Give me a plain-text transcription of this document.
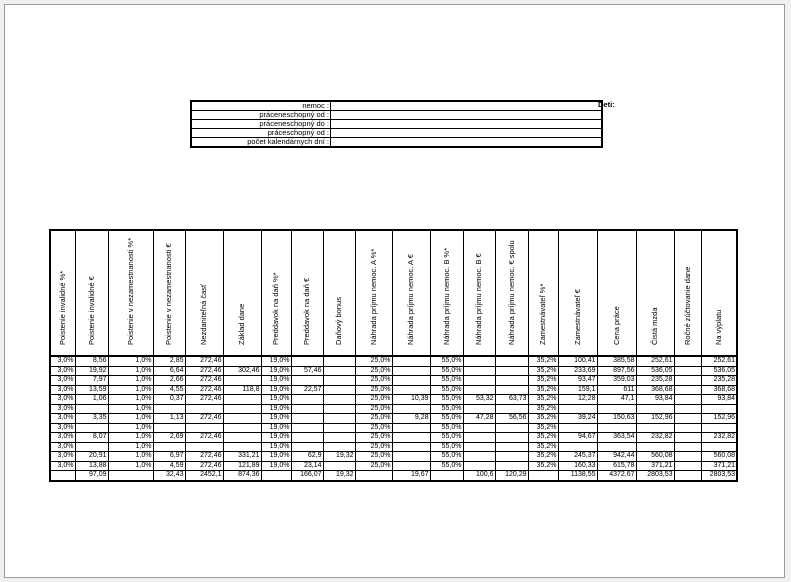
nemoc :	
práceneschopný od :	
práceneschopný do :	
práceschopný od :	
počet kalendárnych dní :	
Deti:
Poistenie invalidné %*	Poistenie invalidné €	Poistenie v nezamestnanosti %*	Poistenie v nezamestnanosti €	Nezdaniteľná časť	Základ dane	Preddavok na daň %*	Preddavok na daň €	Daňový bonus	Náhrada príjmu nemoc. A %*	Náhrada príjmu nemoc. A €	Náhrada príjmu nemoc. B %*	Náhrada príjmu nemoc. B €	Náhrada príjmu nemoc. € spolu	Zamestnávateľ %*	Zamestnávateľ €	Cena práce	Čistá mzda	Ročné zúčtovanie dane	Na výplatu

3,0%	8,56	1,0%	2,85	272,46		19,0%			25,0%		55,0%			35,2%	100,41	385,58	252,61		252,61
3,0%	19,92	1,0%	6,64	272,46	302,46	19,0%	57,46		25,0%		55,0%			35,2%	233,69	897,56	536,05		536,05
3,0%	7,97	1,0%	2,66	272,46		19,0%			25,0%		55,0%			35,2%	93,47	359,03	235,28		235,28
3,0%	13,59	1,0%	4,55	272,46	118,8	19,0%	22,57		25,0%		55,0%			35,2%	159,1	611	368,68		368,68
3,0%	1,06	1,0%	0,37	272,46		19,0%			25,0%	10,39	55,0%	53,32	63,73	35,2%	12,28	47,1	93,84		93,84
3,0%		1,0%				19,0%			25,0%		55,0%			35,2%					
3,0%	3,35	1,0%	1,13	272,46		19,0%			25,0%	9,28	55,0%	47,28	56,56	35,2%	39,24	150,63	152,96		152,96
3,0%		1,0%				19,0%			25,0%		55,0%			35,2%					
3,0%	8,07	1,0%	2,69	272,46		19,0%			25,0%		55,0%			35,2%	94,67	363,54	232,82		232,82
3,0%		1,0%				19,0%			25,0%		55,0%			35,2%					
3,0%	20,91	1,0%	6,97	272,46	331,21	19,0%	62,9	19,32	25,0%		55,0%			35,2%	245,37	942,44	560,08		560,08
3,0%	13,88	1,0%	4,59	272,46	121,89	19,0%	23,14		25,0%		55,0%			35,2%	160,33	615,78	371,21		371,21
	97,09		32,43	2452,1	874,36		166,07	19,32		19,67		100,6	120,29		1138,55	4372,67	2803,53		2803,53
